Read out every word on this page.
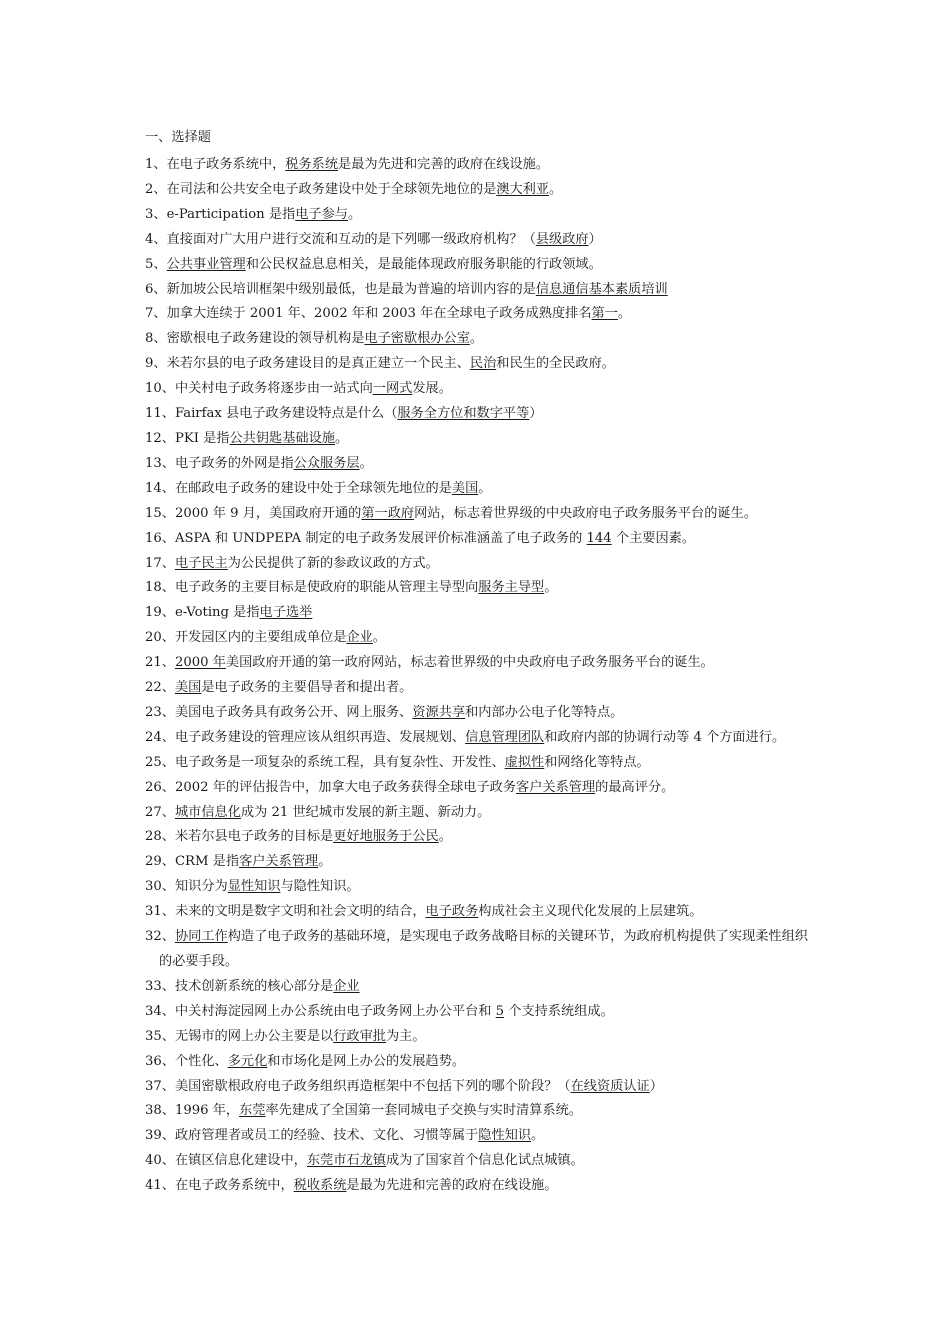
一、选择题

1、在电子政务系统中，税务系统是最为先进和完善的政府在线设施。

2、在司法和公共安全电子政务建设中处于全球领先地位的是澳大利亚。

3、e-Participation 是指电子参与。

4、直接面对广大用户进行交流和互动的是下列哪一级政府机构？（县级政府）

5、公共事业管理和公民权益息息相关，是最能体现政府服务职能的行政领域。

6、新加坡公民培训框架中级别最低，也是最为普遍的培训内容的是信息通信基本素质培训

7、加拿大连续于 2001 年、2002 年和 2003 年在全球电子政务成熟度排名第一。

8、密歇根电子政务建设的领导机构是电子密歇根办公室。

9、米若尔县的电子政务建设目的是真正建立一个民主、民治和民生的全民政府。

10、中关村电子政务将逐步由一站式向一网式发展。

11、Fairfax 县电子政务建设特点是什么（服务全方位和数字平等）

12、PKI 是指公共钥匙基础设施。

13、电子政务的外网是指公众服务层。

14、在邮政电子政务的建设中处于全球领先地位的是美国。

15、2000 年 9 月，美国政府开通的第一政府网站，标志着世界级的中央政府电子政务服务平台的诞生。

16、ASPA 和 UNDPEPA 制定的电子政务发展评价标准涵盖了电子政务的 144 个主要因素。

17、电子民主为公民提供了新的参政议政的方式。

18、电子政务的主要目标是使政府的职能从管理主导型向服务主导型。

19、e-Voting 是指电子选举

20、开发园区内的主要组成单位是企业。

21、2000 年美国政府开通的第一政府网站，标志着世界级的中央政府电子政务服务平台的诞生。

22、美国是电子政务的主要倡导者和提出者。

23、美国电子政务具有政务公开、网上服务、资源共享和内部办公电子化等特点。

24、电子政务建设的管理应该从组织再造、发展规划、信息管理团队和政府内部的协调行动等 4 个方面进行。

25、电子政务是一项复杂的系统工程，具有复杂性、开发性、虚拟性和网络化等特点。

26、2002 年的评估报告中，加拿大电子政务获得全球电子政务客户关系管理的最高评分。

27、城市信息化成为 21 世纪城市发展的新主题、新动力。

28、米若尔县电子政务的目标是更好地服务于公民。

29、CRM 是指客户关系管理。

30、知识分为显性知识与隐性知识。

31、未来的文明是数字文明和社会文明的结合，电子政务构成社会主义现代化发展的上层建筑。

32、协同工作构造了电子政务的基础环境，是实现电子政务战略目标的关键环节，为政府机构提供了实现柔性组织的必要手段。

33、技术创新系统的核心部分是企业

34、中关村海淀园网上办公系统由电子政务网上办公平台和 5 个支持系统组成。

35、无锡市的网上办公主要是以行政审批为主。

36、个性化、多元化和市场化是网上办公的发展趋势。

37、美国密歇根政府电子政务组织再造框架中不包括下列的哪个阶段？（在线资质认证）

38、1996 年，东莞率先建成了全国第一套同城电子交换与实时清算系统。

39、政府管理者或员工的经验、技术、文化、习惯等属于隐性知识。

40、在镇区信息化建设中，东莞市石龙镇成为了国家首个信息化试点城镇。

41、在电子政务系统中，税收系统是最为先进和完善的政府在线设施。
